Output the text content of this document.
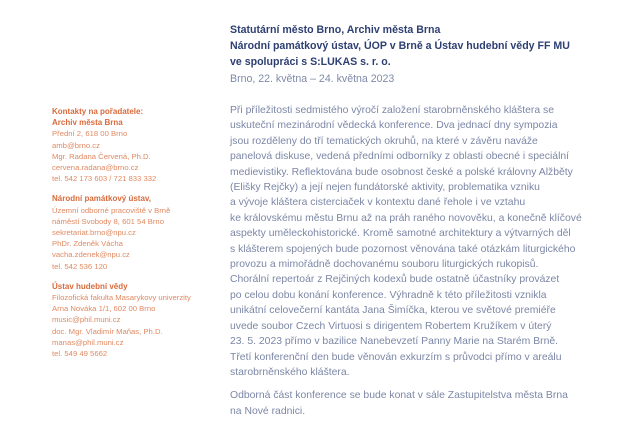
Statutární město Brno, Archiv města Brna
Národní památkový ústav, ÚOP v Brně a Ústav hudební vědy FF MU
ve spolupráci s S:LUKAS s. r. o.
Brno, 22. května – 24. května 2023
Kontakty na pořadatele:
Archiv města Brna
Přední 2, 618 00 Brno
amb@brno.cz
Mgr. Radana Červená, Ph.D.
cervena.radana@brno.cz
tel. 542 173 603 / 721 833 332
Národní památkový ústav,
Územní odborné pracoviště v Brně
náměstí Svobody 8, 601 54 Brno
sekretariat.brno@npu.cz
PhDr. Zdeněk Vácha
vacha.zdenek@npu.cz
tel. 542 536 120
Ústav hudební vědy
Filozofická fakulta Masarykovy univerzity
Arna Nováka 1/1, 602 00 Brno
music@phil.muni.cz
doc. Mgr. Vladimír Maňas, Ph.D.
manas@phil.muni.cz
tel. 549 49 5662

Při příležitosti sedmistého výročí založení starobrněnského kláštera se
uskuteční mezinárodní vědecká konference. Dva jednací dny sympozia
jsou rozděleny do tří tematických okruhů, na které v závěru naváže
panelová diskuse, vedená předními odborníky z oblasti obecné i speciální
medievistiky. Reflektována bude osobnost české a polské královny Alžběty
(Elišky Rejčky) a její nejen fundátorské aktivity, problematika vzniku
a vývoje kláštera cisterciaček v kontextu dané řehole i ve vztahu
ke královskému městu Brnu až na práh raného novověku, a konečně klíčové
aspekty uměleckohistorické. Kromě samotné architektury a výtvarných děl
s klášterem spojených bude pozornost věnována také otázkám liturgického
provozu a mimořádně dochovanému souboru liturgických rukopisů.
Chorální repertoár z Rejčiných kodexů bude ostatně účastníky provázet
po celou dobu konání konference. Výhradně k této příležitosti vznikla
unikátní celovečerní kantáta Jana Šimíčka, kterou ve světové premiéře
uvede soubor Czech Virtuosi s dirigentem Robertem Kružíkem v úterý
23. 5. 2023 přímo v bazilice Nanebevzetí Panny Marie na Starém Brně.
Třetí konferenční den bude věnován exkurzím s průvodci přímo v areálu
starobrněnského kláštera.

Odborná část konference se bude konat v sále Zastupitelstva města Brna
na Nové radnici.
